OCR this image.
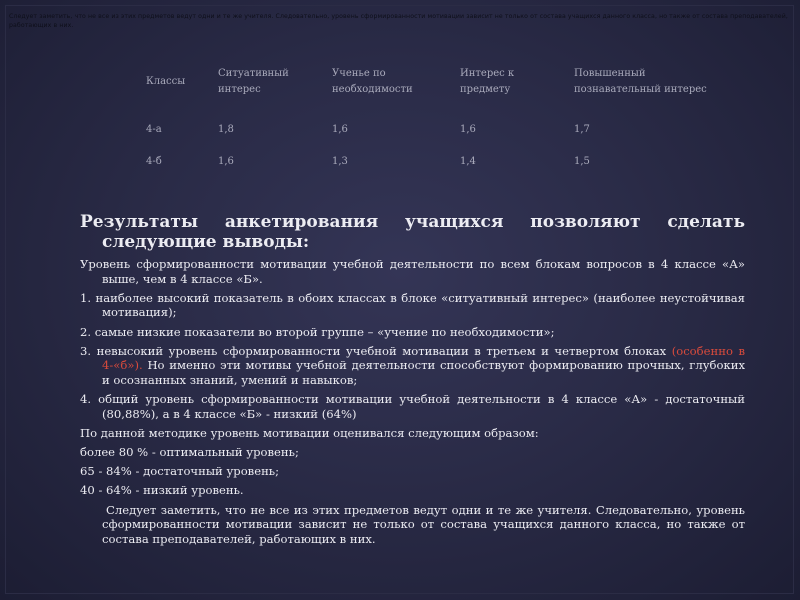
Следует заметить, что не все из этих предметов ведут одни и те же учителя. Следовательно, уровень сформированности мотивации зависит не только от состава учащихся данного класса, но также от состава преподавателей, работающих в них.
Классы	Ситуативный интерес	Ученье по необходимости	Интерес к предмету	Повышенный познавательный интерес
4-а	1,8	1,6	1,6	1,7
4-б	1,6	1,3	1,4	1,5

Результаты анкетирования учащихся позволяют сделать
следующие выводы:

Уровень сформированности мотивации учебной деятельности по всем блокам вопросов в 4 классе «А» выше, чем в 4 классе «Б».

1. наиболее высокий показатель в обоих классах в блоке «ситуативный интерес» (наиболее неустойчивая мотивация);

2. самые низкие показатели во второй группе – «учение по необходимости»;

3. невысокий уровень сформированности учебной мотивации в третьем и четвертом блоках (особенно в 4-«б»). Но именно эти мотивы учебной деятельности способствуют формированию прочных, глубоких и осознанных знаний, умений и навыков;

4. общий уровень сформированности мотивации учебной деятельности в 4 классе «А» - достаточный (80,88%), а в 4 классе «Б» - низкий (64%)

По данной методике уровень мотивации оценивался следующим образом:

более 80 % - оптимальный уровень;

65 - 84% - достаточный уровень;

40 - 64% - низкий уровень.

Следует заметить, что не все из этих предметов ведут одни и те же учителя. Следовательно, уровень сформированности мотивации зависит не только от состава учащихся данного класса, но также от состава преподавателей, работающих в них.
